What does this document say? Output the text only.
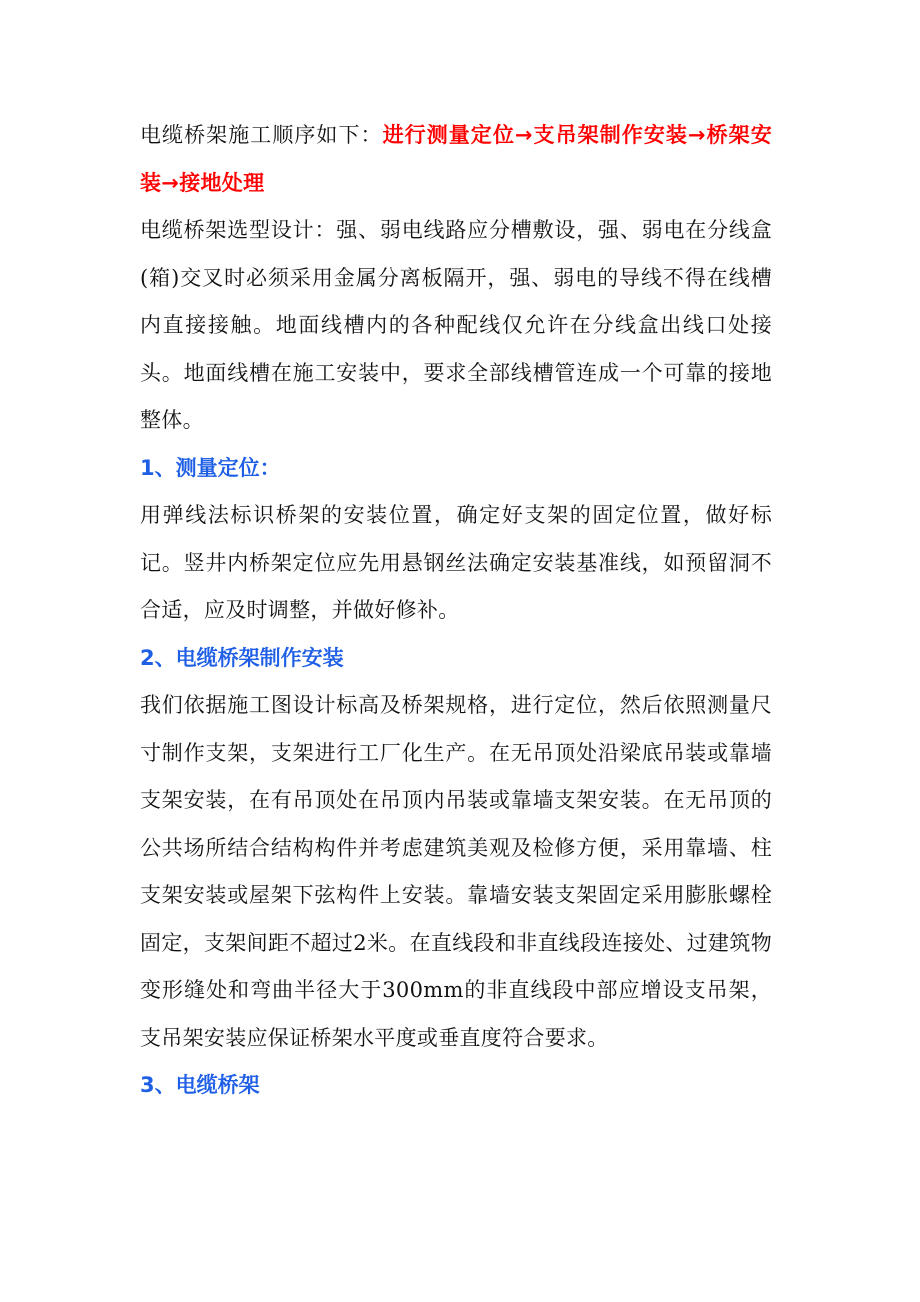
电缆桥架施工顺序如下：进行测量定位→支吊架制作安装→桥架安装→接地处理

电缆桥架选型设计：强、弱电线路应分槽敷设，强、弱电在分线盒(箱)交叉时必须采用金属分离板隔开，强、弱电的导线不得在线槽内直接接触。地面线槽内的各种配线仅允许在分线盒出线口处接头。地面线槽在施工安装中，要求全部线槽管连成一个可靠的接地整体。

1、测量定位：

用弹线法标识桥架的安装位置，确定好支架的固定位置，做好标记。竖井内桥架定位应先用悬钢丝法确定安装基准线，如预留洞不合适，应及时调整，并做好修补。

2、电缆桥架制作安装

我们依据施工图设计标高及桥架规格，进行定位，然后依照测量尺寸制作支架，支架进行工厂化生产。在无吊顶处沿梁底吊装或靠墙支架安装，在有吊顶处在吊顶内吊装或靠墙支架安装。在无吊顶的公共场所结合结构构件并考虑建筑美观及检修方便，采用靠墙、柱支架安装或屋架下弦构件上安装。靠墙安装支架固定采用膨胀螺栓固定，支架间距不超过2米。在直线段和非直线段连接处、过建筑物变形缝处和弯曲半径大于300mm的非直线段中部应增设支吊架，支吊架安装应保证桥架水平度或垂直度符合要求。

3、电缆桥架
